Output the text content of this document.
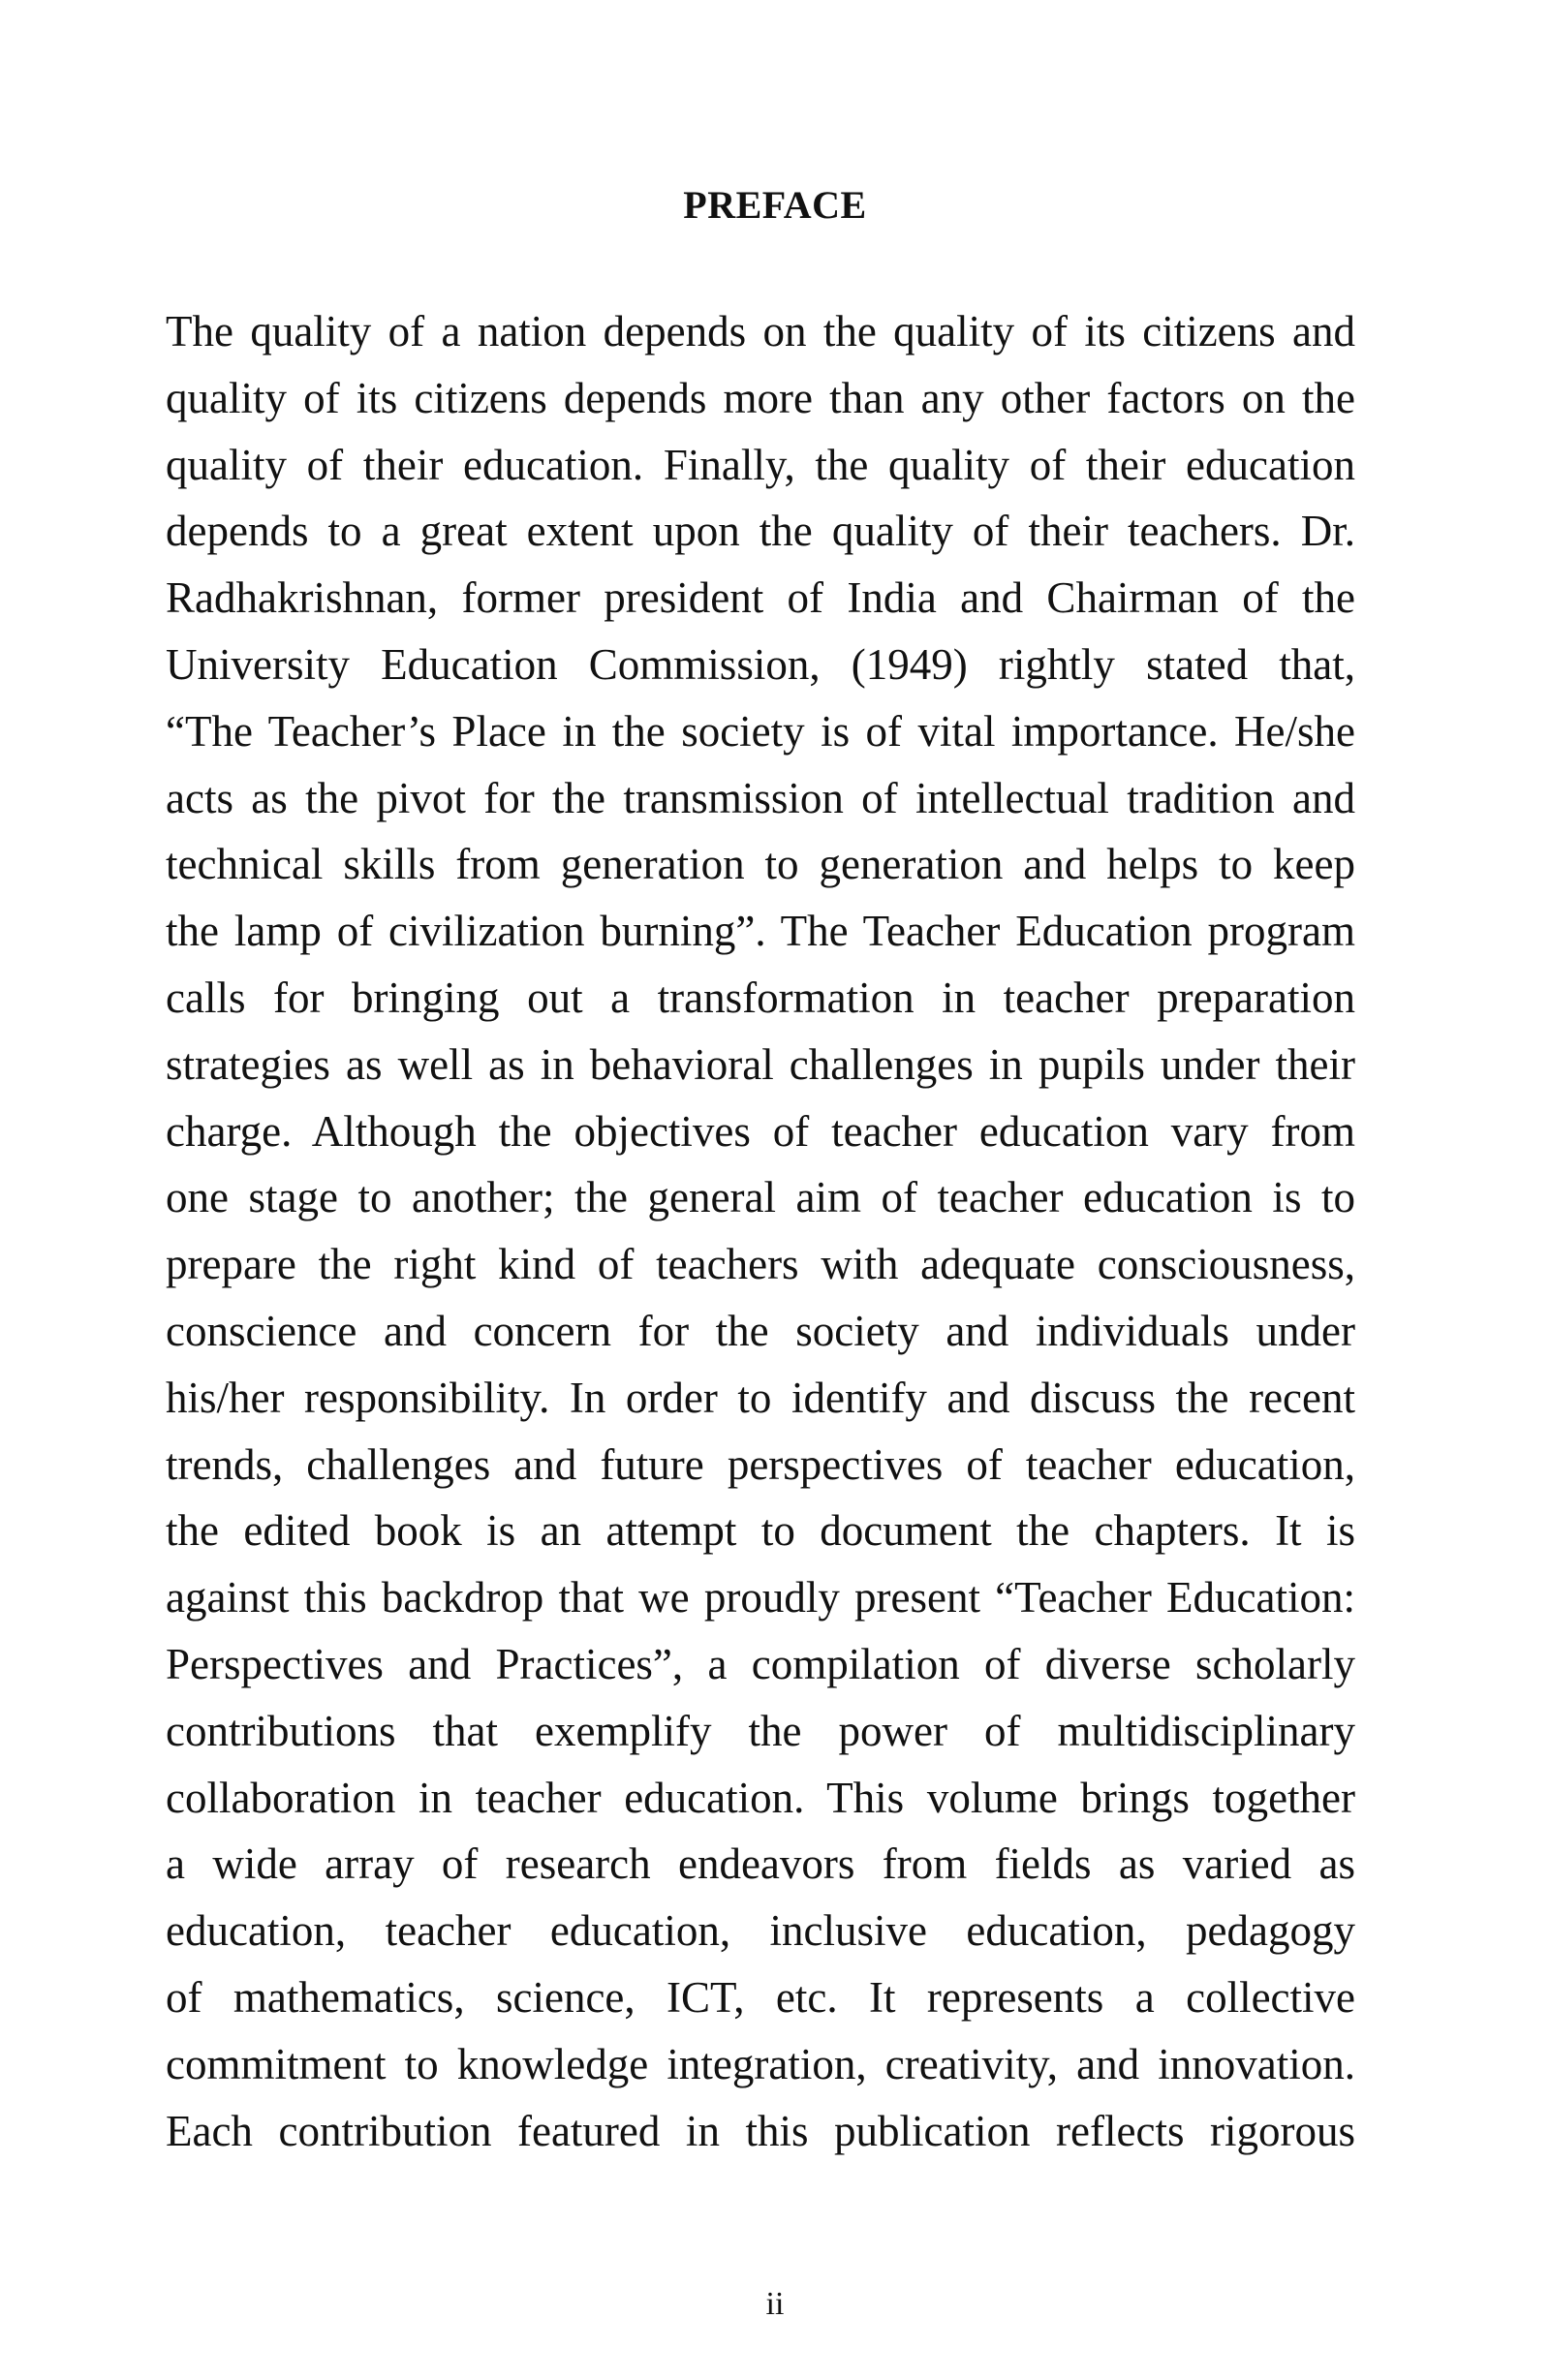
PREFACE
The quality of a nation depends on the quality of its citizens and
quality of its citizens depends more than any other factors on the
quality of their education. Finally, the quality of their education
depends to a great extent upon the quality of their teachers. Dr.
Radhakrishnan, former president of India and Chairman of the
University Education Commission, (1949) rightly stated that,
“The Teacher’s Place in the society is of vital importance. He/she
acts as the pivot for the transmission of intellectual tradition and
technical skills from generation to generation and helps to keep
the lamp of civilization burning”. The Teacher Education program
calls for bringing out a transformation in teacher preparation
strategies as well as in behavioral challenges in pupils under their
charge. Although the objectives of teacher education vary from
one stage to another; the general aim of teacher education is to
prepare the right kind of teachers with adequate consciousness,
conscience and concern for the society and individuals under
his/her responsibility. In order to identify and discuss the recent
trends, challenges and future perspectives of teacher education,
the edited book is an attempt to document the chapters. It is
against this backdrop that we proudly present “Teacher Education:
Perspectives and Practices”, a compilation of diverse scholarly
contributions that exemplify the power of multidisciplinary
collaboration in teacher education. This volume brings together
a wide array of research endeavors from fields as varied as
education, teacher education, inclusive education, pedagogy
of mathematics, science, ICT, etc. It represents a collective
commitment to knowledge integration, creativity, and innovation.
Each contribution featured in this publication reflects rigorous
ii
